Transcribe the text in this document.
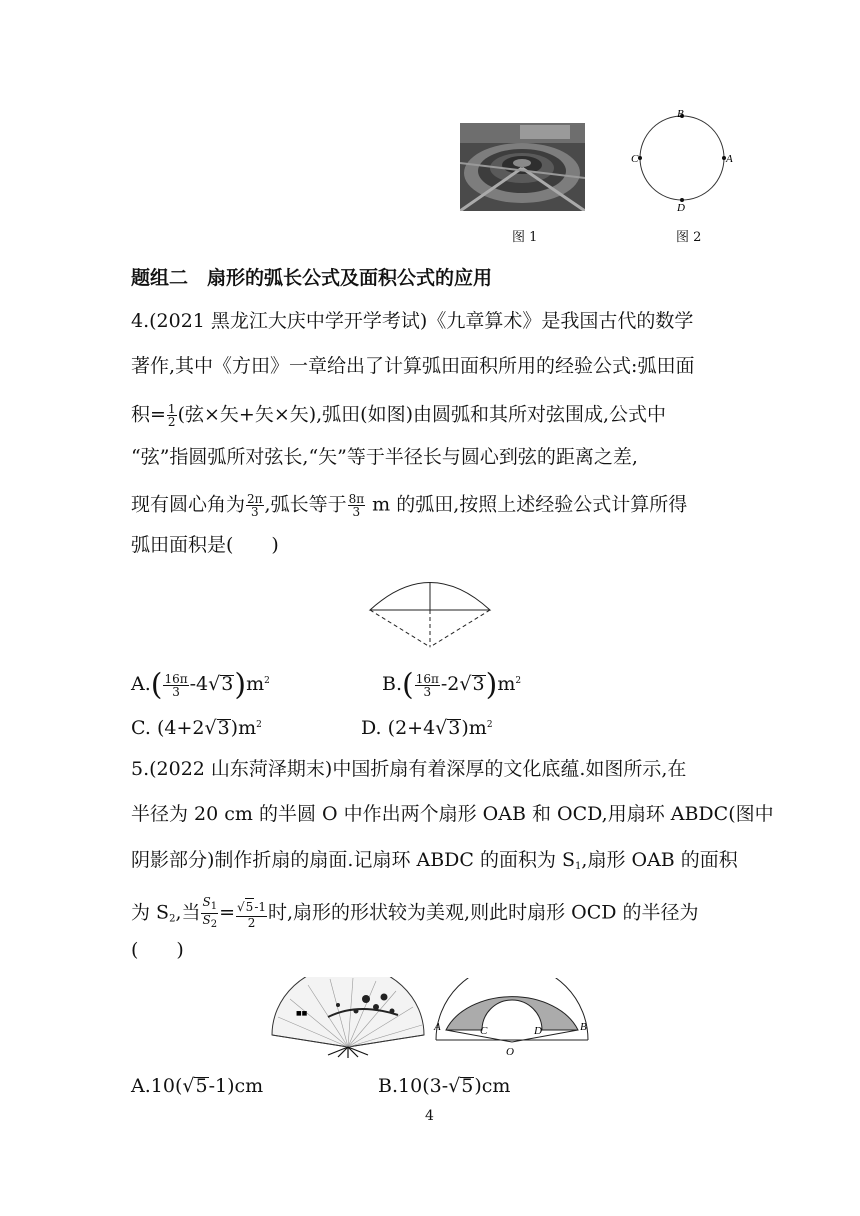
图 1
B
A
C
D
图 2
题组二　扇形的弧长公式及面积公式的应用
4.(2021 黑龙江大庆中学开学考试)《九章算术》是我国古代的数学
著作,其中《方田》一章给出了计算弧田面积所用的经验公式:弧田面
积= $\frac{1}{2}$ (弦×矢+矢×矢),弧田(如图)由圆弧和其所对弦围成,公式中
“弦”指圆弧所对弦长,“矢”等于半径长与圆心到弦的距离之差,
现有圆心角为 $\frac{2\pi}{3}$ ,弧长等于 $\frac{8\pi}{3}$ m 的弧田,按照上述经验公式计算所得
弧田面积是(　　)
$A.( \frac{16\pi}{3} -4√3)m^2$	$B.( \frac{16\pi}{3} -2√3)m^2$
C. $(4+2√3)m^2$	D. $(2+4√3)m^2$
5.(2022 山东菏泽期末)中国折扇有着深厚的文化底蕴.如图所示,在
半径为 20 cm 的半圆 O 中作出两个扇形 OAB 和 OCD,用扇环 ABDC(图中
阴影部分)制作折扇的扇面.记扇环 ABDC 的面积为 $S_1$,扇形 OAB 的面积
为 $S_2$,当 $\frac{S_1}{S_2} = \frac{√5-1}{2}$ 时,扇形的形状较为美观,则此时扇形 OCD 的半径为
(　　)
■■
A	B
C	D
O
A.10(√5-1)cm	B.10(3-√5)cm
4
